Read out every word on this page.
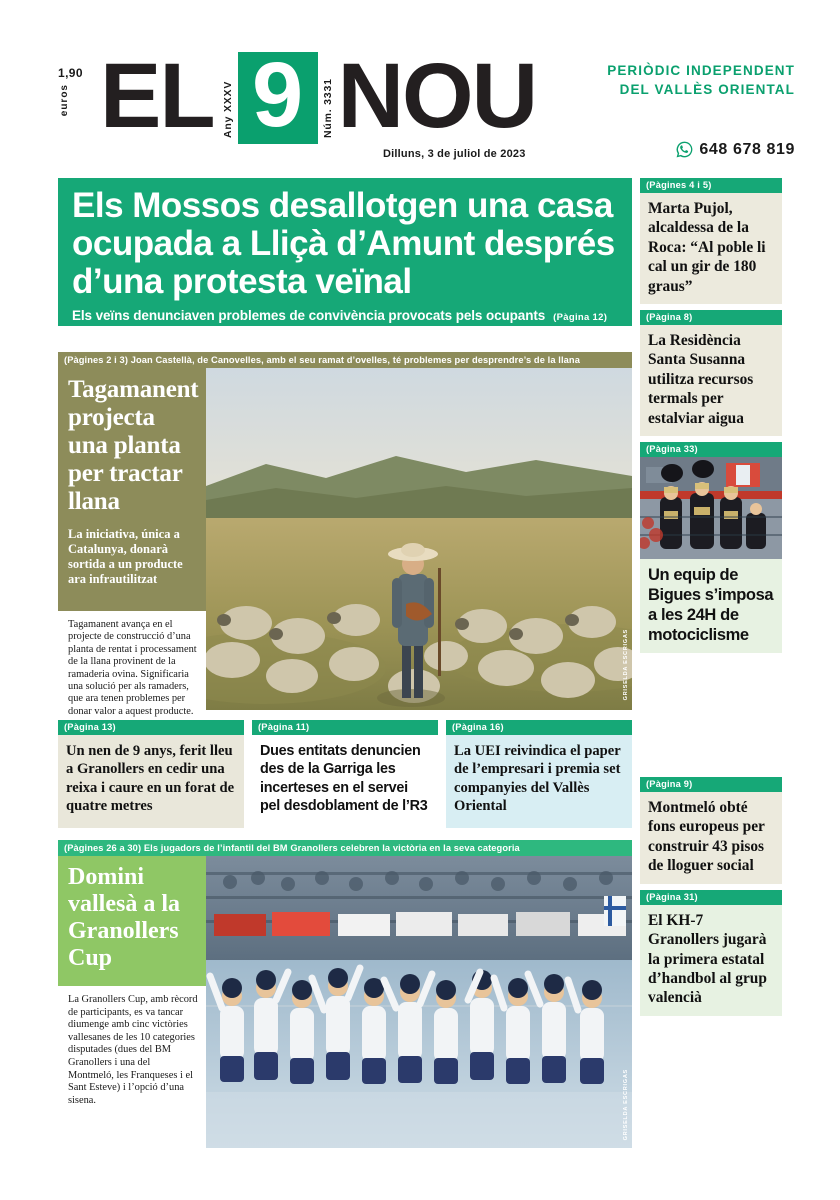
1,90
euros EL Any XXXV 9	Núm. 3331 NOU
Dilluns, 3 de juliol de 2023
PERIÒDIC INDEPENDENT DEL VALLÈS ORIENTAL
648 678 819
Els Mossos desallotgen una casa ocupada a Lliçà d’Amunt després d’una protesta veïnal
Els veïns denunciaven problemes de convivència provocats pels ocupants (Pàgina 12)
(Pàgines 2 i 3) Joan Castellà, de Canovelles, amb el seu ramat d’ovelles, té problemes per desprendre’s de la llana
Tagamanent projecta una planta per tractar llana
La iniciativa, única a Catalunya, donarà sortida a un producte ara infrautilitzat
Tagamanent avança en el projecte de construcció d’una planta de rentat i processament de la llana provinent de la ramaderia ovina. Significaria una solució per als ramaders, que ara tenen problemes per donar valor a aquest producte.
GRISELDA ESCRIGAS
(Pàgina 13)
Un nen de 9 anys, ferit lleu a Granollers en cedir una reixa i caure en un forat de quatre metres
(Pàgina 11)
Dues entitats denuncien des de la Garriga les incerteses en el servei pel desdoblament de l’R3
(Pàgina 16)
La UEI reivindica el paper de l’empresari i premia set companyies del Vallès Oriental
(Pàgines 26 a 30) Els jugadors de l’infantil del BM Granollers celebren la victòria en la seva categoria
Domini vallesà a la Granollers Cup
La Granollers Cup, amb rècord de participants, es va tancar diumenge amb cinc victòries vallesanes de les 10 categories disputades (dues del BM Granollers i una del Montmeló, les Franqueses i el Sant Esteve) i l’opció d’una sisena.	GRISELDA ESCRIGAS
(Pàgines 4 i 5)
Marta Pujol, alcaldessa de la Roca: “Al poble li cal un gir de 180 graus”
(Pàgina 8)
La Residència Santa Susanna utilitza recursos termals per estalviar aigua
(Pàgina 33)
Un equip de Bigues s’imposa a les 24H de motociclisme
(Pàgina 9)
Montmeló obté fons europeus per construir 43 pisos de lloguer social
(Pàgina 31)
El KH-7 Granollers jugarà la primera estatal d’handbol al grup valencià
